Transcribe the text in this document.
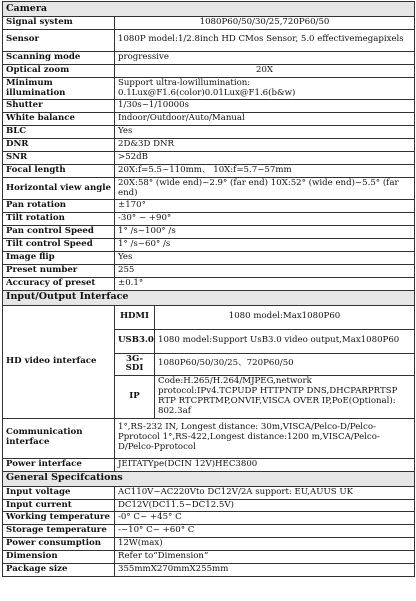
Camera		
Signal system	1080P60/50/30/25,720P60/50	
Sensor	1080P model:1/2.8inch HD CMos Sensor, 5.0 effectivemegapixels	
Scanning mode	progressive	
Optical zoom	20X	
Minimum illumination	Support ultra-lowillumination: 0.1Lux@F1.6(color)0.01Lux@F1.6(b&w)	
Shutter	1/30s~1/10000s	
White balance	Indoor/Outdoor/Auto/Manual	
BLC	Yes	
DNR	2D&3D DNR	
SNR	>52dB	
Focal length	20X:f=5.5~110mm、 10X:f=5.7~57mm	
Horizontal view angle	20X:58° (wide end)~2.9° (far end) 10X:52° (wide end)~5.5° (far end)	
Pan rotation	±170°	
Tilt rotation	-30° ~ +90°	
Pan control Speed	1° /s~100° /s	
Tilt control Speed	1° /s~60° /s	
Image flip	Yes	
Preset number	255	
Accuracy of preset	±0.1°	
Input/Output Interface		
HD video interface	HDMI	1080 model:Max1080P60
	USB3.0	1080 model:Support UsB3.0 video output,Max1080P60
	3G-SDI	1080P60/50/30/25、720P60/50
	IP	Code:H.265/H.264/MJPEG,network protocol:IPv4.TCPUDP HTTPNTP DNS,DHCPARPRTSP RTP RTCPRTMP,ONVIF,VISCA OVER IP,PoE(Optional): 802.3af
Communication interface	1°,RS-232 IN, Longest distance: 30m,VISCA/Pelco-D/Pelco-Pprotocol 1°,RS-422,Longest distance:1200 m,VISCA/Pelco-D/Pelco-Pprotocol	
Power interface	JEITATYpe(DCIN 12V)HEC3800	
General Specifcations		
Input voltage	AC110V~AC220Vto DC12V/2A support: EU,AUUS UK	
Input current	DC12V(DC11.5~DC12.5V)	
Working temperature	-0° C~ +45° C	
Storage temperature	-~10° C~ +60° C	
Power consumption	12W(max)	
Dimension	Refer to“Dimension”	
Package size	355mmX270mmX255mm	
